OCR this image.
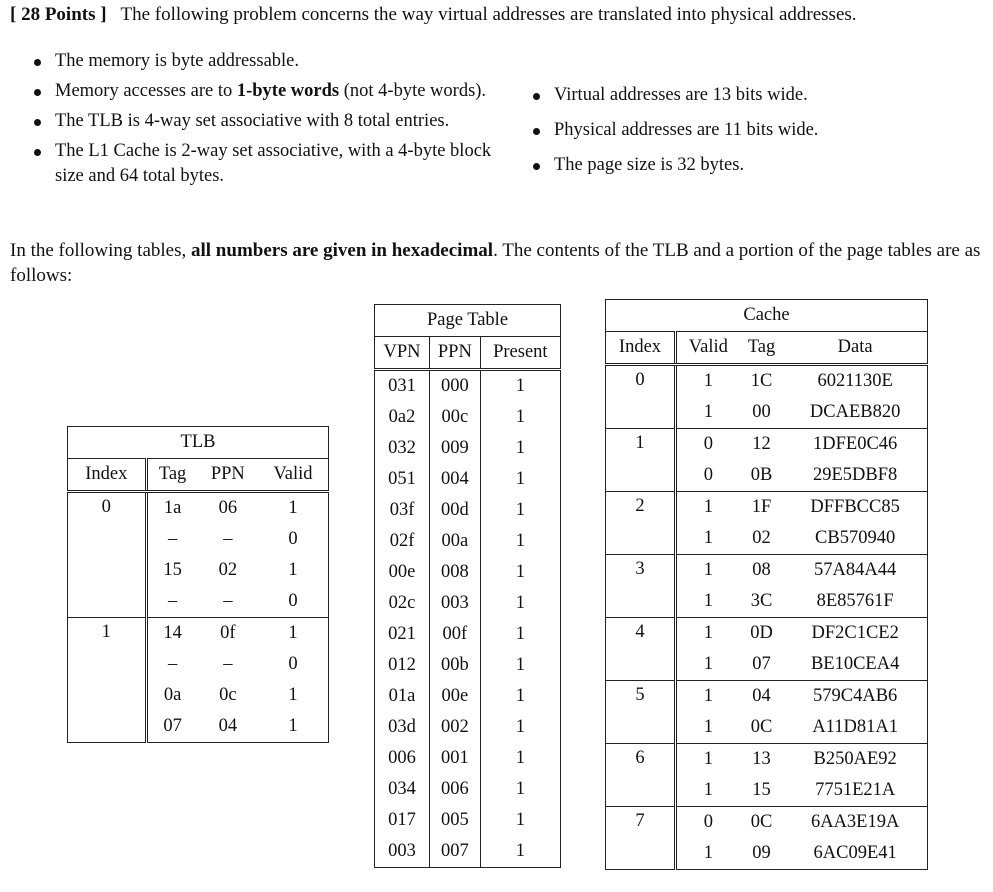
[ 28 Points ] The following problem concerns the way virtual addresses are translated into physical addresses.
The memory is byte addressable.
Memory accesses are to 1-byte words (not 4-byte words).
The TLB is 4-way set associative with 8 total entries.
The L1 Cache is 2-way set associative, with a 4-byte block size and 64 total bytes.
Virtual addresses are 13 bits wide.
Physical addresses are 11 bits wide.
The page size is 32 bytes.
In the following tables, all numbers are given in hexadecimal. The contents of the TLB and a portion of the page tables are as follows:
TLB			
Index	Tag	PPN	Valid
0	1a	06	1
	–	–	0
	15	02	1
	–	–	0
1	14	0f	1
	–	–	0
	0a	0c	1
	07	04	1
Page Table		
VPN	PPN	Present
031	000	1
0a2	00c	1
032	009	1
051	004	1
03f	00d	1
02f	00a	1
00e	008	1
02c	003	1
021	00f	1
012	00b	1
01a	00e	1
03d	002	1
006	001	1
034	006	1
017	005	1
003	007	1
Cache			
Index	Valid	Tag	Data
0	1	1C	6021130E
	1	00	DCAEB820
1	0	12	1DFE0C46
	0	0B	29E5DBF8
2	1	1F	DFFBCC85
	1	02	CB570940
3	1	08	57A84A44
	1	3C	8E85761F
4	1	0D	DF2C1CE2
	1	07	BE10CEA4
5	1	04	579C4AB6
	1	0C	A11D81A1
6	1	13	B250AE92
	1	15	7751E21A
7	0	0C	6AA3E19A
	1	09	6AC09E41
